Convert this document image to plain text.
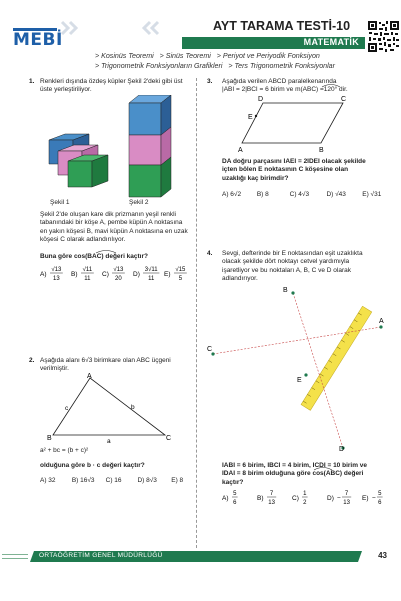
MEBİ
AYT TARAMA TESTİ-10
MATEMATİK
> Kosinüs Teoremi > Sinüs Teoremi > Periyot ve Periyodik Fonksiyon
> Trigonometrik Fonksiyonların Grafikleri > Ters Trigonometrik Fonksiyonlar
1. Renkleri dışında özdeş küpler Şekil 2'deki gibi üst
üste yerleştiriliyor.
Şekil 1	Şekil 2
Şekil 2'de oluşan kare dik prizmanın yeşil renkli
tabanındaki bir köşe A, pembe küpün A noktasına
en yakın köşesi B, mavi küpün A noktasına en uzak
köşesi C olarak adlandırılıyor.
Buna göre cos(BAC) değeri kaçtır?
A)
√13
13
B)
√11
11
C)
√13
20
D)
3√11
11
E)
√15
5
2. Aşağıda alanı 6√3 birimkare olan ABC üçgeni
verilmiştir.
A
B	C
c	b
a
a² + bc = (b + c)²
olduğuna göre b · c değeri kaçtır?
A) 32	B) 16√3 C) 16 D) 8√3 E) 8
3. Aşağıda verilen ABCD paralelkenarında
|ABI = 2|BCI = 6 birim ve m(ABC) =120° dir.
D	C
E
A	B
DA doğru parçasını IAEI = 2IDEI olacak şekilde
içten bölen E noktasının C köşesine olan
uzaklığı kaç birimdir?
A) 6√2 B) 8	C) 4√3	D) √43	E) √31
4. Sevgi, defterinde bir E noktasından eşit uzaklıkta
olacak şekilde dört noktayı cetvel yardımıyla
işaretliyor ve bu noktaları A, B, C ve D olarak
adlandırıyor.
B
C
E
A
D
IABI = 6 birim, IBCI = 4 birim, ICDI = 10 birim ve
IDAI = 8 birim olduğuna göre cos(ABC) değeri
kaçtır?
A)
5
6
B)
7
13
C)
1
2
D) −
7
13
E) −
5
6
ORTAÖĞRETİM GENEL MÜDÜRLÜĞÜ	43
